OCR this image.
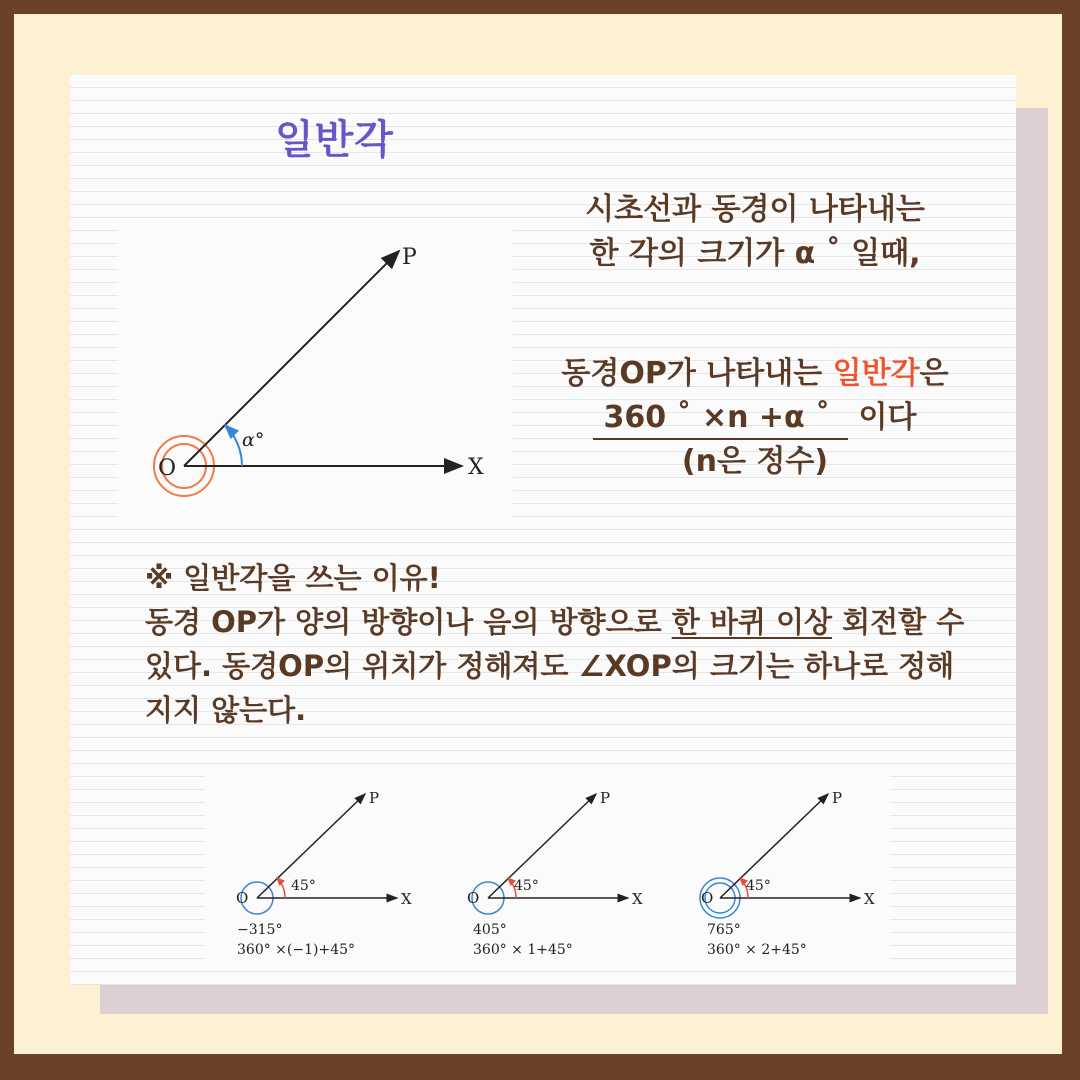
일반각
O	X
P
α°

시초선과 동경이 나타내는

한 각의 크기가 α ˚ 일때,

동경OP가 나타내는 일반각은

360 ˚ ×n +α ˚ 이다

(n은 정수)

※ 일반각을 쓰는 이유!

동경 OP가 양의 방향이나 음의 방향으로 한 바퀴 이상 회전할 수 있다. 동경OP의 위치가 정해져도 ∠XOP의 크기는 하나로 정해지지 않는다.

O	X
P
45°
−315°
360° ×(−1)+45°
O	X
P
45°
405°
360° × 1+45°
O	X
P
45°
765°
360° × 2+45°
